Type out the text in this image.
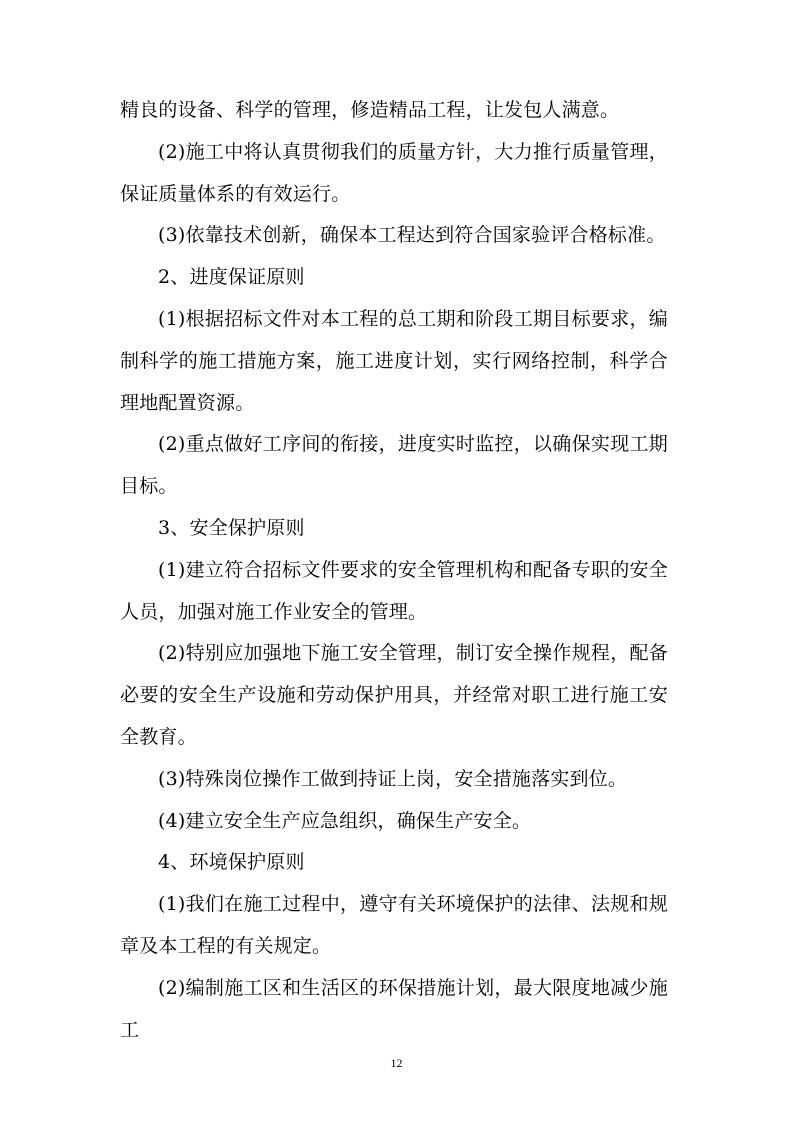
精良的设备、科学的管理，修造精品工程，让发包人满意。

(2)施工中将认真贯彻我们的质量方针，大力推行质量管理，保证质量体系的有效运行。

(3)依靠技术创新，确保本工程达到符合国家验评合格标准。

2、进度保证原则

(1)根据招标文件对本工程的总工期和阶段工期目标要求，编制科学的施工措施方案，施工进度计划，实行网络控制，科学合理地配置资源。

(2)重点做好工序间的衔接，进度实时监控，以确保实现工期目标。

3、安全保护原则

(1)建立符合招标文件要求的安全管理机构和配备专职的安全人员，加强对施工作业安全的管理。

(2)特别应加强地下施工安全管理，制订安全操作规程，配备必要的安全生产设施和劳动保护用具，并经常对职工进行施工安全教育。

(3)特殊岗位操作工做到持证上岗，安全措施落实到位。

(4)建立安全生产应急组织，确保生产安全。

4、环境保护原则

(1)我们在施工过程中，遵守有关环境保护的法律、法规和规章及本工程的有关规定。

(2)编制施工区和生活区的环保措施计划，最大限度地减少施工

12
